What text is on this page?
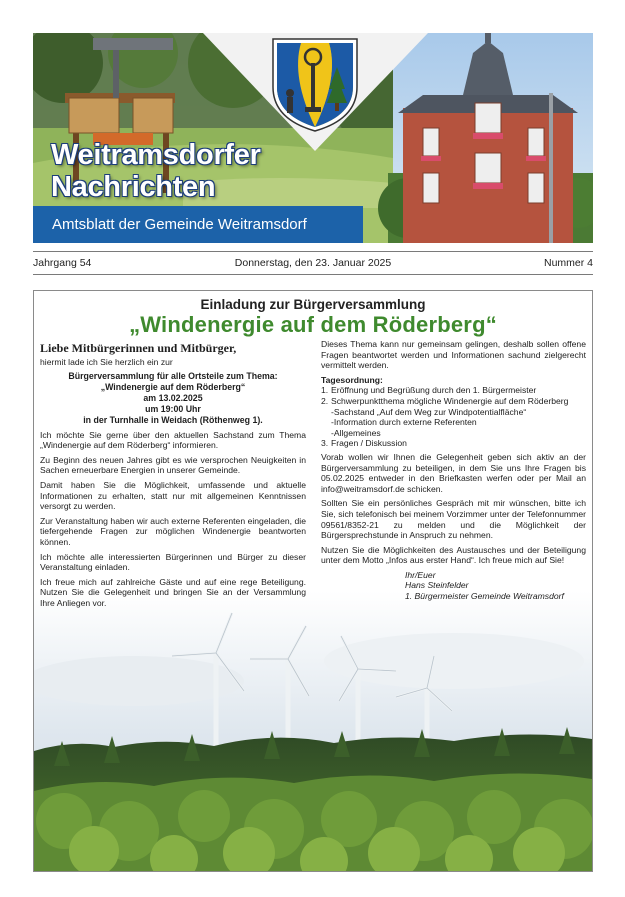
Weitramsdorfer
Nachrichten
Amtsblatt der Gemeinde Weitramsdorf
Jahrgang 54	Donnerstag, den 23. Januar 2025	Nummer 4
Einladung zur Bürgerversammlung
„Windenergie auf dem Röderberg“
Liebe Mitbürgerinnen und Mitbürger,
hiermit lade ich Sie herzlich ein zur
Bürgerversammlung für alle Ortsteile zum Thema:
„Windenergie auf dem Röderberg“
am 13.02.2025
um 19:00 Uhr
in der Turnhalle in Weidach (Röthenweg 1).

Ich möchte Sie gerne über den aktuellen Sachstand zum Thema „Windenergie auf dem Röderberg“ informieren.

Zu Beginn des neuen Jahres gibt es wie versprochen Neuigkeiten in Sachen erneuerbare Energien in unserer Gemeinde.

Damit haben Sie die Möglichkeit, umfassende und aktuelle Informationen zu erhalten, statt nur mit allgemeinen Kenntnissen versorgt zu werden.

Zur Veranstaltung haben wir auch externe Referenten eingeladen, die tiefergehende Fragen zur möglichen Windenergie beantworten können.

Ich möchte alle interessierten Bürgerinnen und Bürger zu dieser Veranstaltung einladen.

Ich freue mich auf zahlreiche Gäste und auf eine rege Beteiligung. Nutzen Sie die Gelegenheit und bringen Sie an der Versammlung Ihre Anliegen vor.

Dieses Thema kann nur gemeinsam gelingen, deshalb sollen offene Fragen beantwortet werden und Informationen sachund zielgerecht vermittelt werden.

Tagesordnung:
1. Eröffnung und Begrüßung durch den 1. Bürgermeister
2. Schwerpunktthema mögliche Windenergie auf dem Röderberg
-Sachstand „Auf dem Weg zur Windpotentialfläche“
-Information durch externe Referenten
-Allgemeines
3. Fragen / Diskussion

Vorab wollen wir Ihnen die Gelegenheit geben sich aktiv an der Bürgerversammlung zu beteiligen, in dem Sie uns Ihre Fragen bis 05.02.2025 entweder in den Briefkasten werfen oder per Mail an info@weitramsdorf.de schicken.

Sollten Sie ein persönliches Gespräch mit mir wünschen, bitte ich Sie, sich telefonisch bei meinem Vorzimmer unter der Telefonnummer 09561/8352-21 zu melden und die Möglichkeit der Bürgersprechstunde in Anspruch zu nehmen.

Nutzen Sie die Möglichkeiten des Austausches und der Beteiligung unter dem Motto „Infos aus erster Hand“. Ich freue mich auf Sie!

Ihr/Euer
Hans Steinfelder
1. Bürgermeister Gemeinde Weitramsdorf
